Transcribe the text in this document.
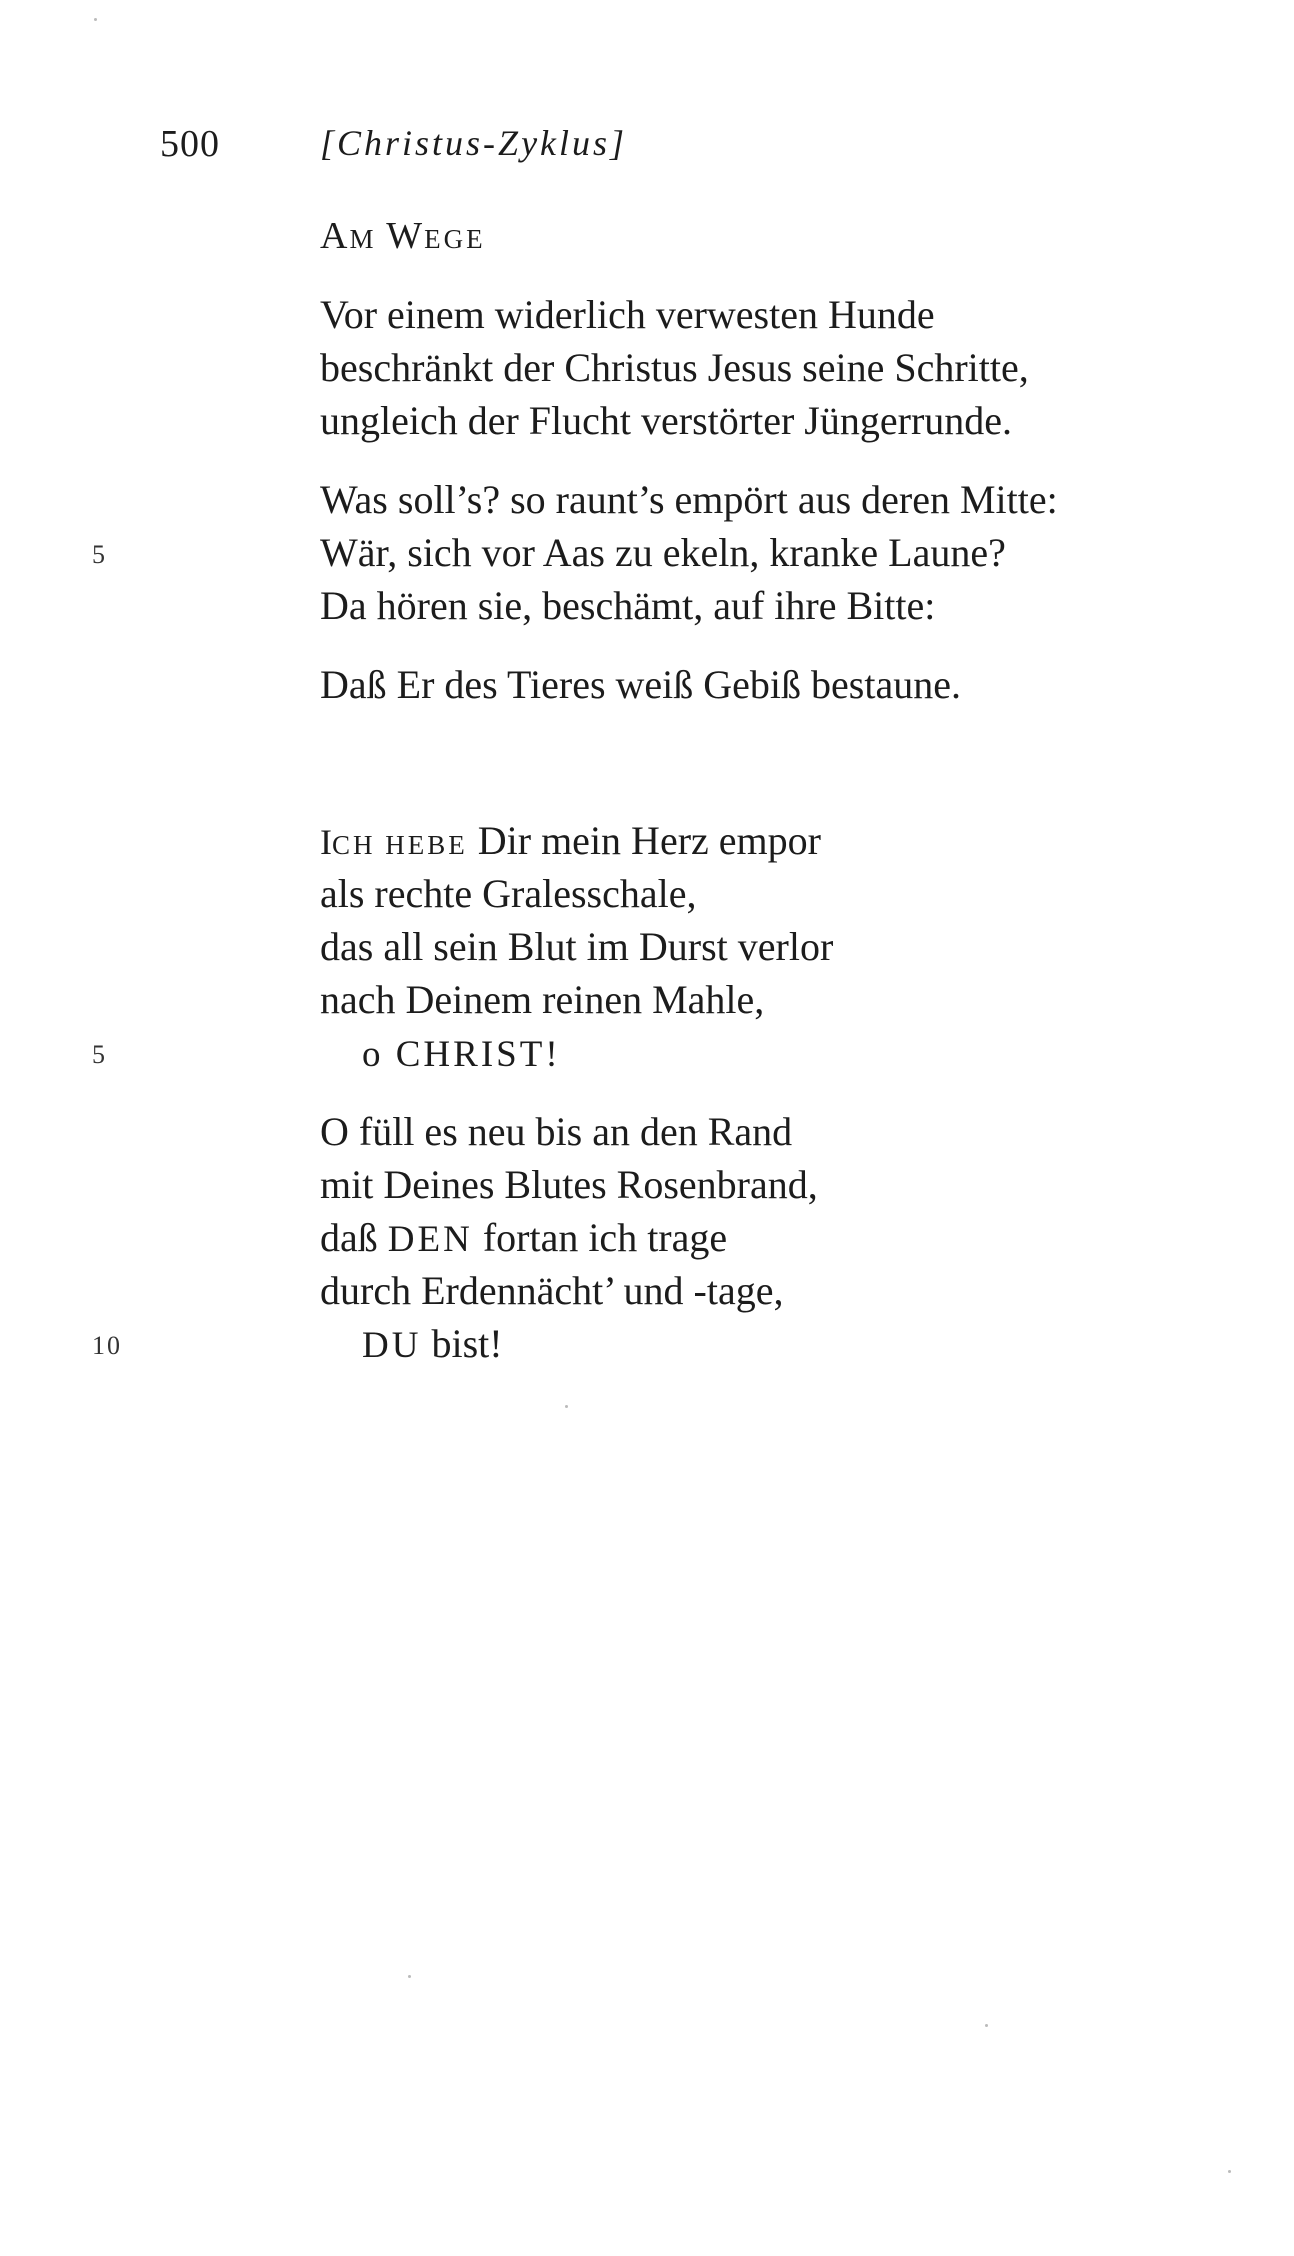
500	[Christus-Zyklus]
AM WEGE
Vor einem widerlich verwesten Hunde
beschränkt der Christus Jesus seine Schritte,
ungleich der Flucht verstörter Jüngerrunde.
Was soll’s? so raunt’s empört aus deren Mitte:
5	Wär, sich vor Aas zu ekeln, kranke Laune?
Da hören sie, beschämt, auf ihre Bitte:
Daß Er des Tieres weiß Gebiß bestaune.
ICH HEBE Dir mein Herz empor
als rechte Gralesschale,
das all sein Blut im Durst verlor
nach Deinem reinen Mahle,
5	o CHRIST!
O füll es neu bis an den Rand
mit Deines Blutes Rosenbrand,
daß DEN fortan ich trage
durch Erdennächt’ und -tage,
10	DU bist!
